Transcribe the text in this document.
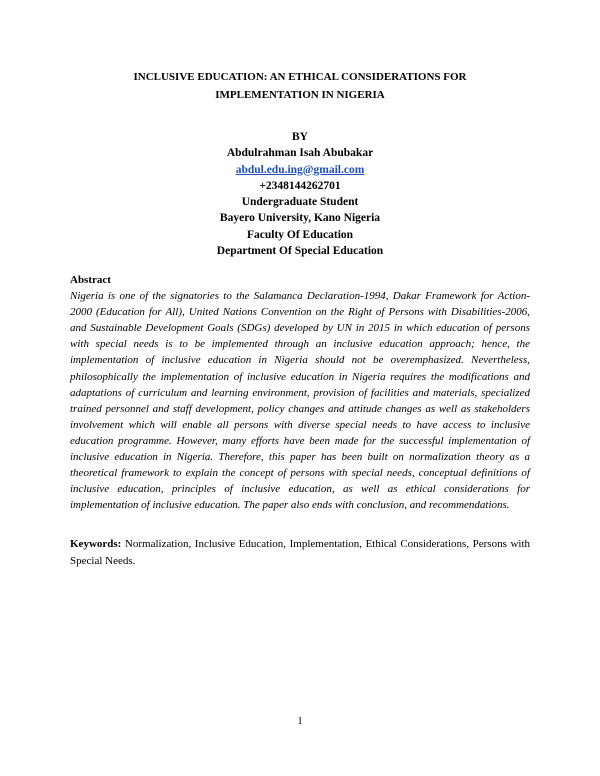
INCLUSIVE EDUCATION: AN ETHICAL CONSIDERATIONS FOR
IMPLEMENTATION IN NIGERIA
BY
Abdulrahman Isah Abubakar
abdul.edu.ing@gmail.com
+2348144262701
Undergraduate Student
Bayero University, Kano Nigeria
Faculty Of Education
Department Of Special Education
Abstract
Nigeria is one of the signatories to the Salamanca Declaration-1994, Dakar Framework for Action-2000 (Education for All), United Nations Convention on the Right of Persons with Disabilities-2006, and Sustainable Development Goals (SDGs) developed by UN in 2015 in which education of persons with special needs is to be implemented through an inclusive education approach; hence, the implementation of inclusive education in Nigeria should not be overemphasized. Nevertheless, philosophically the implementation of inclusive education in Nigeria requires the modifications and adaptations of curriculum and learning environment, provision of facilities and materials, specialized trained personnel and staff development, policy changes and attitude changes as well as stakeholders involvement which will enable all persons with diverse special needs to have access to inclusive education programme. However, many efforts have been made for the successful implementation of inclusive education in Nigeria. Therefore, this paper has been built on normalization theory as a theoretical framework to explain the concept of persons with special needs, conceptual definitions of inclusive education, principles of inclusive education, as well as ethical considerations for implementation of inclusive education. The paper also ends with conclusion, and recommendations.
Keywords: Normalization, Inclusive Education, Implementation, Ethical Considerations, Persons with Special Needs.
1
